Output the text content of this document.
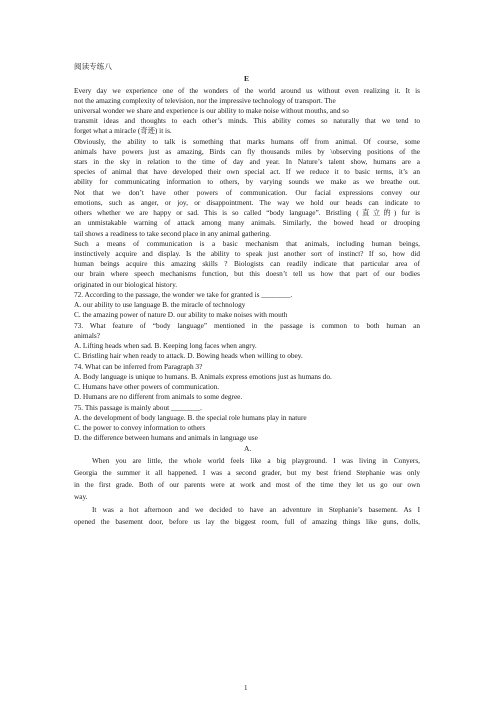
阅读专练八
E
Every day we experience one of the wonders of the world around us without even realizing it. It is
not the amazing complexity of television, nor the impressive technology of transport. The
universal wonder we share and experience is our ability to make noise without mouths, and so
transmit ideas and thoughts to each other’s minds. This ability comes so naturally that we tend to
forget what a miracle (奇迹) it is.
Obviously, the ability to talk is something that marks humans off from animal. Of course, some
animals have powers just as amazing, Birds can fly thousands miles by \observing positions of the
stars in the sky in relation to the time of day and year. In Nature’s talent show, humans are a
species of animal that have developed their own special act. If we reduce it to basic terms, it’s an
ability for communicating information to others, by varying sounds we make as we breathe out.
Not that we don’t have other powers of communication. Our facial expressions convey our
emotions, such as anger, or joy, or disappointment. The way we hold our heads can indicate to
others whether we are happy or sad. This is so called “body language”. Bristling (直立的) fur is
an unmistakable warning of attack among many animals. Similarly, the bowed head or drooping
tail shows a readiness to take second place in any animal gathering.
Such a means of communication is a basic mechanism that animals, including human beings,
instinctively acquire and display. Is the ability to speak just another sort of instinct? If so, how did
human beings acquire this amazing skills ? Biologists can readily indicate that particular area of
our brain where speech mechanisms function, but this doesn’t tell us how that part of our bodies
originated in our biological history.
72. According to the passage, the wonder we take for granted is ________.
A. our ability to use language B. the miracle of technology
C. the amazing power of nature D. our ability to make noises with mouth
73. What feature of “body language” mentioned in the passage is common to both human an
animals?
A. Lifting heads when sad. B. Keeping long faces when angry.
C. Bristling hair when ready to attack. D. Bowing heads when willing to obey.
74. What can be inferred from Paragraph 3?
A. Body language is unique to humans. B. Animals express emotions just as humans do.
C. Humans have other powers of communication.
D. Humans are no different from animals to some degree.
75. This passage is mainly about ________.
A. the development of body language. B. the special role humans play in nature
C. the power to convey information to others
D. the difference between humans and animals in language use
A.
When you are little, the whole world feels like a big playground. I was living in Conyers,
Georgia the summer it all happened. I was a second grader, but my best friend Stephanie was only
in the first grade. Both of our parents were at work and most of the time they let us go our own
way.
It was a hot afternoon and we decided to have an adventure in Stephanie’s basement. As I
opened the basement door, before us lay the biggest room, full of amazing things like guns, dolls,
1
